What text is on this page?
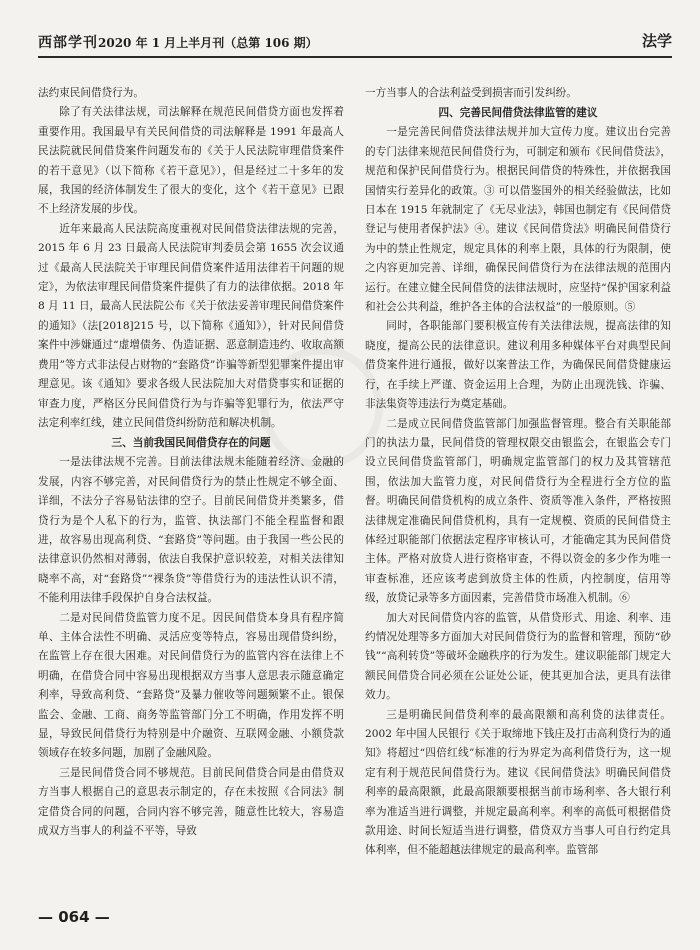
西部学刊2020 年 1 月上半月刊（总第 106 期）	法学

法约束民间借贷行为。

除了有关法律法规，司法解释在规范民间借贷方面也发挥着重要作用。我国最早有关民间借贷的司法解释是 1991 年最高人民法院就民间借贷案件问题发布的《关于人民法院审理借贷案件的若干意见》（以下简称《若干意见》），但是经过二十多年的发展，我国的经济体制发生了很大的变化，这个《若干意见》已跟不上经济发展的步伐。

近年来最高人民法院高度重视对民间借贷法律法规的完善，2015 年 6 月 23 日最高人民法院审判委员会第 1655 次会议通过《最高人民法院关于审理民间借贷案件适用法律若干问题的规定》，为依法审理民间借贷案件提供了有力的法律依据。2018 年 8 月 11 日，最高人民法院公布《关于依法妥善审理民间借贷案件的通知》（法[2018]215 号，以下简称《通知》），针对民间借贷案件中涉嫌通过“虚增债务、伪造证据、恶意制造违约、收取高额费用”等方式非法侵占财物的“套路贷”诈骗等新型犯罪案件提出审理意见。该《通知》要求各级人民法院加大对借贷事实和证据的审查力度，严格区分民间借贷行为与诈骗等犯罪行为，依法严守法定利率红线，建立民间借贷纠纷防范和解决机制。

三、当前我国民间借贷存在的问题

一是法律法规不完善。目前法律法规未能随着经济、金融的发展，内容不够完善，对民间借贷行为的禁止性规定不够全面、详细，不法分子容易钻法律的空子。目前民间借贷并类繁多，借贷行为是个人私下的行为，监管、执法部门不能全程监督和跟进，故容易出现高利贷、“套路贷”等问题。由于我国一些公民的法律意识仍然相对薄弱，依法自我保护意识较差，对相关法律知晓率不高，对“套路贷”“裸条贷”等借贷行为的违法性认识不清，不能利用法律手段保护自身合法权益。

二是对民间借贷监管力度不足。因民间借贷本身具有程序简单、主体合法性不明确、灵活应变等特点，容易出现借贷纠纷，在监管上存在很大困难。对民间借贷行为的监管内容在法律上不明确，在借贷合同中容易出现根据双方当事人意思表示随意确定利率，导致高利贷、“套路贷”及暴力催收等问题频繁不止。银保监会、金融、工商、商务等监管部门分工不明确，作用发挥不明显，导致民间借贷行为特别是中介融资、互联网金融、小额贷款领域存在较多问题，加剧了金融风险。

三是民间借贷合同不够规范。目前民间借贷合同是由借贷双方当事人根据自己的意思表示制定的，存在未按照《合同法》制定借贷合同的问题，合同内容不够完善，随意性比较大，容易造成双方当事人的利益不平等，导致

一方当事人的合法利益受到损害而引发纠纷。

四、完善民间借贷法律监管的建议

一是完善民间借贷法律法规并加大宣传力度。建议出台完善的专门法律来规范民间借贷行为，可制定和颁布《民间借贷法》，规范和保护民间借贷行为。根据民间借贷的特殊性，并依据我国国情实行差异化的政策。③ 可以借鉴国外的相关经验做法，比如日本在 1915 年就制定了《无尽业法》，韩国也制定有《民间借贷登记与使用者保护法》④。建议《民间借贷法》明确民间借贷行为中的禁止性规定，规定具体的利率上限，具体的行为限制，使之内容更加完善、详细，确保民间借贷行为在法律法规的范围内运行。在建立健全民间借贷的法律法规时，应坚持“保护国家利益和社会公共利益，维护各主体的合法权益”的一般原则。⑤

同时，各职能部门要积极宣传有关法律法规，提高法律的知晓度，提高公民的法律意识。建议利用多种媒体平台对典型民间借贷案件进行通报，做好以案普法工作，为确保民间借贷健康运行，在手续上严谨、资金运用上合理，为防止出现洗钱、诈骗、非法集资等违法行为奠定基础。

二是成立民间借贷监管部门加强监督管理。整合有关职能部门的执法力量，民间借贷的管理权限交由银监会，在银监会专门设立民间借贷监管部门，明确规定监管部门的权力及其管辖范围，依法加大监管力度，对民间借贷行为全程进行全方位的监督。明确民间借贷机构的成立条件、资质等准入条件，严格按照法律规定准确民间借贷机构，具有一定规模、资质的民间借贷主体经过职能部门依据法定程序审核认可，才能确定其为民间借贷主体。严格对放贷人进行资格审查，不得以资金的多少作为唯一审查标准，还应该考虑到放贷主体的性质，内控制度，信用等级，放贷记录等多方面因素，完善借贷市场准入机制。⑥

加大对民间借贷内容的监管，从借贷形式、用途、利率、违约情况处理等多方面加大对民间借贷行为的监督和管理，预防“砂钱”“高利转贷”等破坏金融秩序的行为发生。建议职能部门规定大额民间借贷合同必须在公证处公证，使其更加合法，更具有法律效力。

三是明确民间借贷利率的最高限额和高利贷的法律责任。2002 年中国人民银行《关于取缔地下钱庄及打击高利贷行为的通知》将超过“四倍红线”标准的行为界定为高利借贷行为，这一规定有利于规范民间借贷行为。建议《民间借贷法》明确民间借贷利率的最高限额，此最高限额要根据当前市场利率、各大银行利率为准适当进行调整，并规定最高利率。利率的高低可根据借贷款用途、时间长短适当进行调整，借贷双方当事人可自行约定具体利率，但不能超越法律规定的最高利率。监管部

— 064 —
